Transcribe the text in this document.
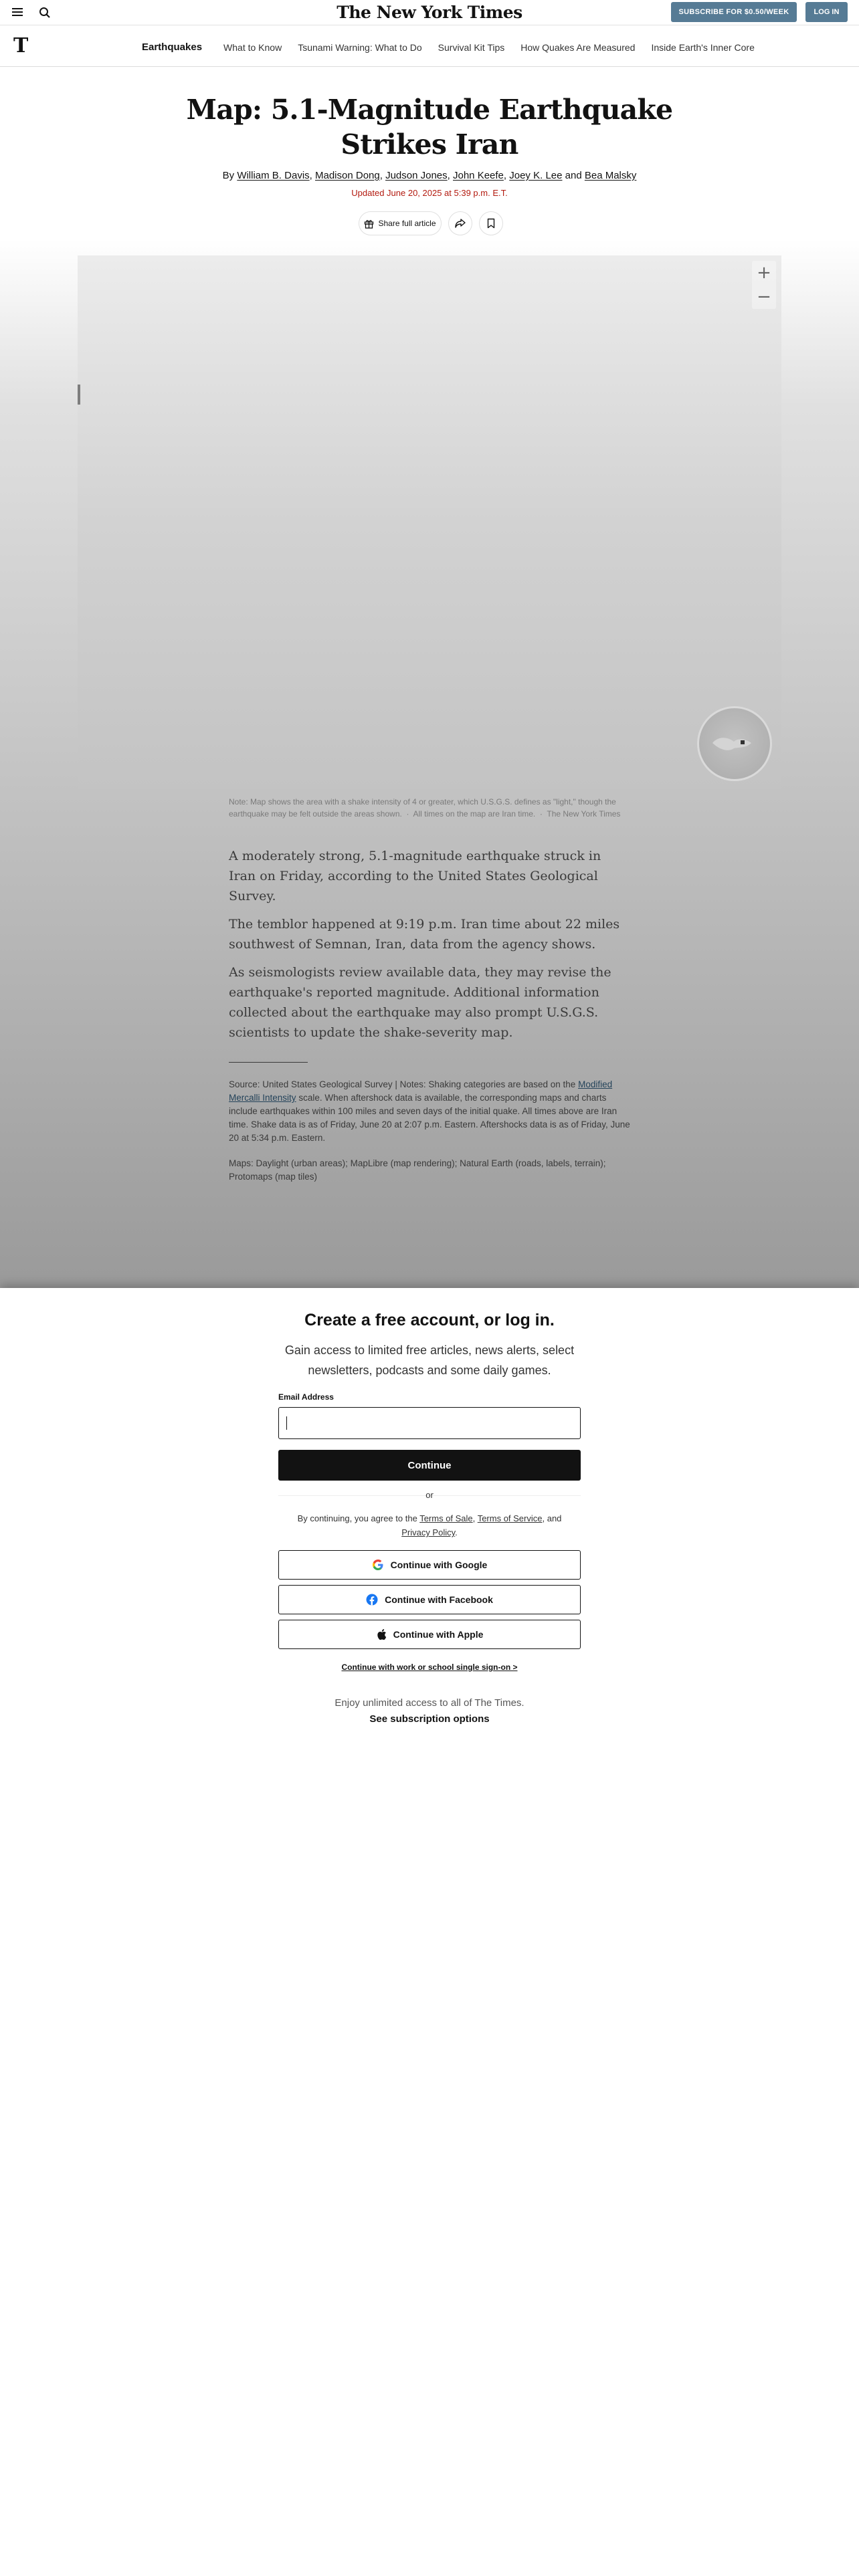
The New York Times	SUBSCRIBE FOR $0.50/WEEK	LOG IN
T	Earthquakes What to Know Tsunami Warning: What to Do Survival Kit Tips How Quakes Are Measured Inside Earth's Inner Core
Map: 5.1-Magnitude Earthquake Strikes Iran
By William B. Davis, Madison Dong, Judson Jones, John Keefe, Joey K. Lee and Bea Malsky
Updated June 20, 2025 at 5:39 p.m. E.T.
Share full article
+
−
Note: Map shows the area with a shake intensity of 4 or greater, which U.S.G.S. defines as "light," though the earthquake may be felt outside the areas shown.  ·  All times on the map are Iran time.  ·  The New York Times

A moderately strong, 5.1-magnitude earthquake struck in Iran on Friday, according to the United States Geological Survey.

The temblor happened at 9:19 p.m. Iran time about 22 miles southwest of Semnan, Iran, data from the agency shows.

As seismologists review available data, they may revise the earthquake's reported magnitude. Additional information collected about the earthquake may also prompt U.S.G.S. scientists to update the shake-severity map.

Source: United States Geological Survey | Notes: Shaking categories are based on the Modified Mercalli Intensity scale. When aftershock data is available, the corresponding maps and charts include earthquakes within 100 miles and seven days of the initial quake. All times above are Iran time. Shake data is as of Friday, June 20 at 2:07 p.m. Eastern. Aftershocks data is as of Friday, June 20 at 5:34 p.m. Eastern.
Maps: Daylight (urban areas); MapLibre (map rendering); Natural Earth (roads, labels, terrain); Protomaps (map tiles)
Create a free account, or log in.
Gain access to limited free articles, news alerts, select newsletters, podcasts and some daily games.
Email Address
Continue
or
By continuing, you agree to the Terms of Sale, Terms of Service, and
Privacy Policy.
Continue with Google
Continue with Facebook
Continue with Apple
Continue with work or school single sign-on >
Enjoy unlimited access to all of The Times.
See subscription options
